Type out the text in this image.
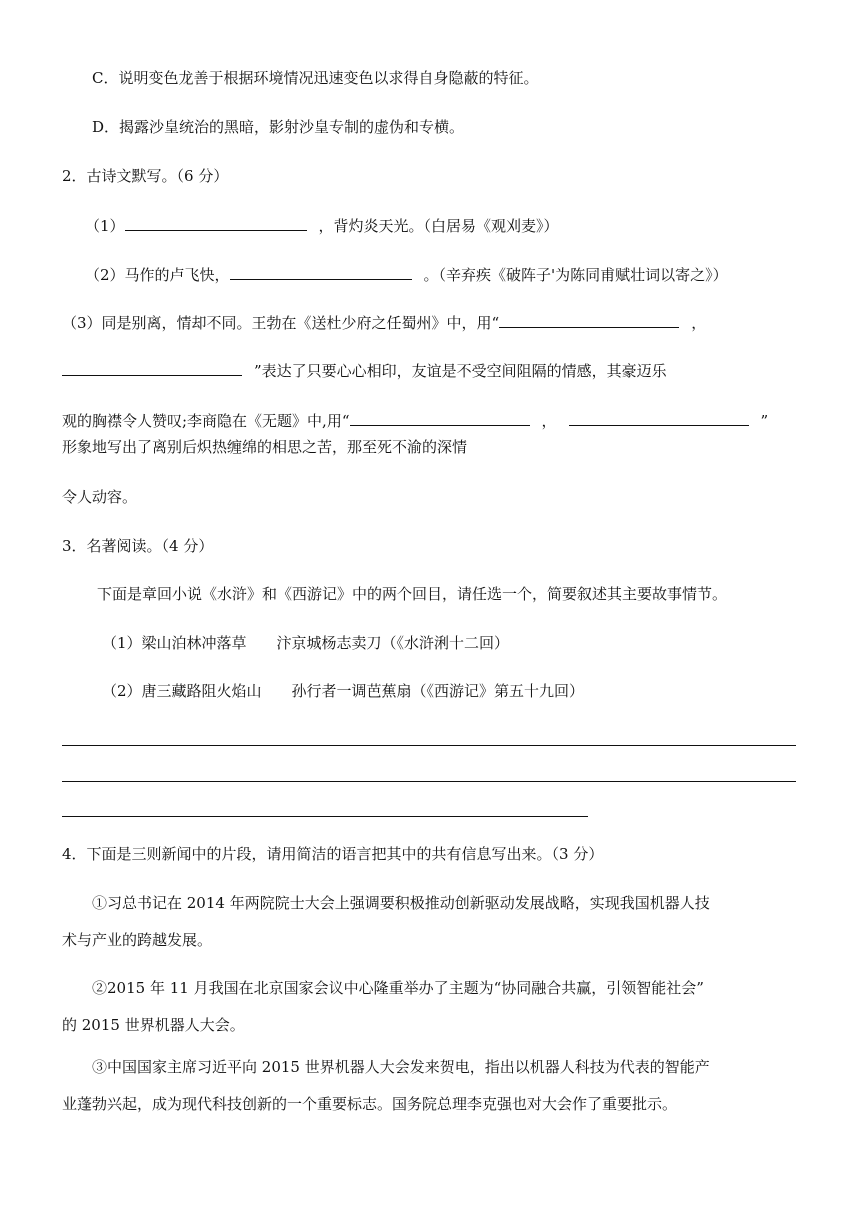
C．说明变色龙善于根据环境情况迅速变色以求得自身隐蔽的特征。
D．揭露沙皇统治的黑暗，影射沙皇专制的虚伪和专横。
2．古诗文默写。（6 分）
（1）	，背灼炎天光。（白居易《观刈麦》）
（2）马作的卢飞快，	。（辛弃疾《破阵子'为陈同甫赋壮词以寄之》）
（3）同是别离，情却不同。王勃在《送杜少府之任蜀州》中，用“	，
”表达了只要心心相印，友谊是不受空间阻隔的情感，其豪迈乐
观的胸襟令人赞叹;李商隐在《无题》中,用“	，	”
形象地写出了离别后炽热缠绵的相思之苦，那至死不渝的深情
令人动容。
3．名著阅读。（4 分）
下面是章回小说《水浒》和《西游记》中的两个回目，请任选一个，简要叙述其主要故事情节。
（1）梁山泊林冲落草 汴京城杨志卖刀（《水浒浰十二回）
（2）唐三藏路阻火焰山 孙行者一调芭蕉扇（《西游记》第五十九回）
4．下面是三则新闻中的片段，请用简洁的语言把其中的共有信息写出来。（3 分）
①习总书记在 2014 年两院院士大会上强调要积极推动创新驱动发展战略，实现我国机器人技
术与产业的跨越发展。
②2015 年 11 月我国在北京国家会议中心隆重举办了主题为“协同融合共赢，引领智能社会”
的 2015 世界机器人大会。
③中国国家主席习近平向 2015 世界机器人大会发来贺电，指出以机器人科技为代表的智能产
业蓬勃兴起，成为现代科技创新的一个重要标志。国务院总理李克强也对大会作了重要批示。
